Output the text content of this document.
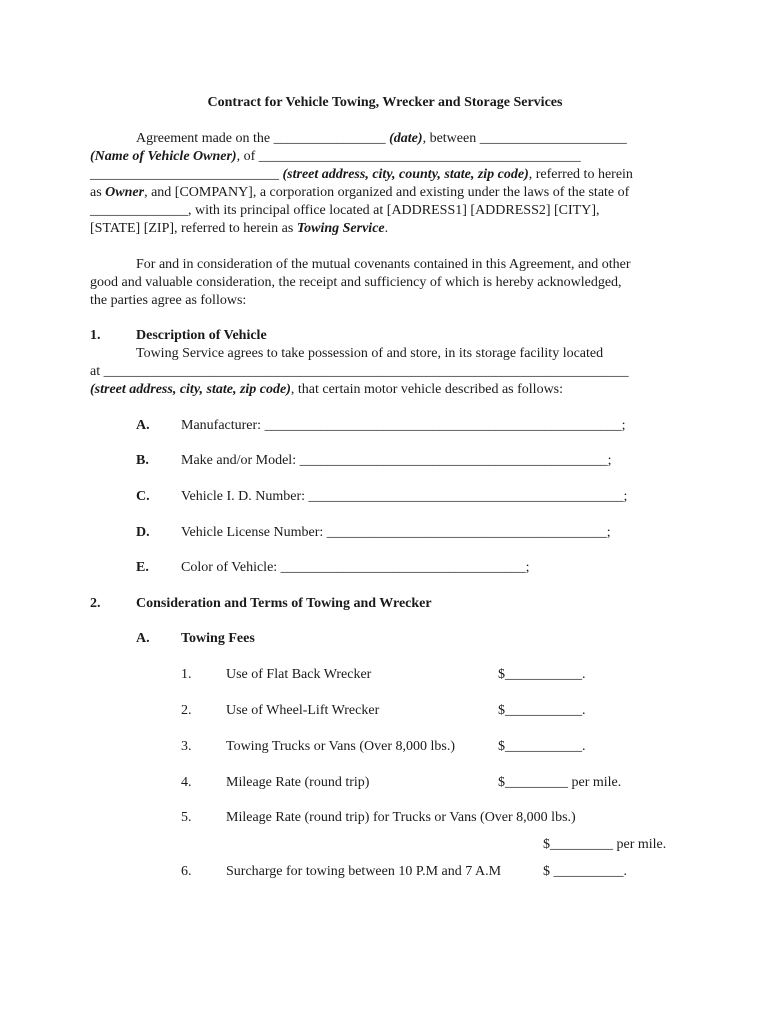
Contract for Vehicle Towing, Wrecker and Storage Services
Agreement made on the ________________ (date), between _____________________
(Name of Vehicle Owner), of ______________________________________________
___________________________ (street address, city, county, state, zip code), referred to herein
as Owner, and [COMPANY], a corporation organized and existing under the laws of the state of
______________, with its principal office located at [ADDRESS1] [ADDRESS2] [CITY],
[STATE] [ZIP], referred to herein as Towing Service.
For and in consideration of the mutual covenants contained in this Agreement, and other
good and valuable consideration, the receipt and sufficiency of which is hereby acknowledged,
the parties agree as follows:
1.	Description of Vehicle
Towing Service agrees to take possession of and store, in its storage facility located
at ___________________________________________________________________________
(street address, city, state, zip code), that certain motor vehicle described as follows:
A. Manufacturer: ___________________________________________________;
B. Make and/or Model: ____________________________________________;
C. Vehicle I. D. Number: _____________________________________________;
D. Vehicle License Number: ________________________________________;
E. Color of Vehicle: ___________________________________;
2.	Consideration and Terms of Towing and Wrecker
A. Towing Fees
1. Use of Flat Back Wrecker	$___________.
2. Use of Wheel-Lift Wrecker	$___________.
3. Towing Trucks or Vans (Over 8,000 lbs.)	$___________.
4. Mileage Rate (round trip)	$_________ per mile.
5. Mileage Rate (round trip) for Trucks or Vans (Over 8,000 lbs.)
$_________ per mile.
6. Surcharge for towing between 10 P.M and 7 A.M	$ __________.
